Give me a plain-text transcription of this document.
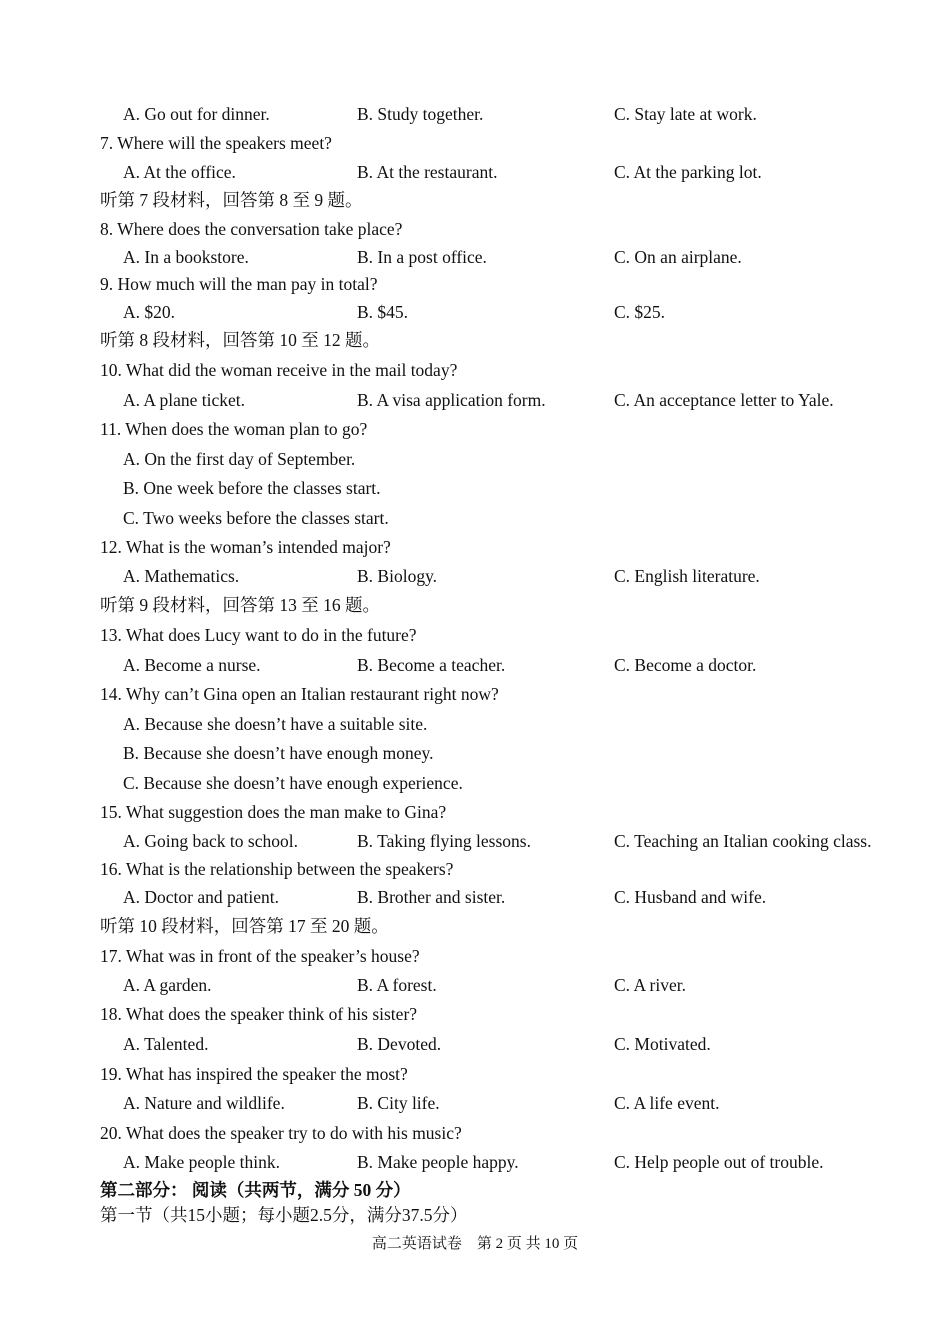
A. Go out for dinner.	B. Study together.	C. Stay late at work.
7. Where will the speakers meet?
A. At the office.	B. At the restaurant.	C. At the parking lot.
听第 7 段材料，回答第 8 至 9 题。
8. Where does the conversation take place?
A. In a bookstore.	B. In a post office.	C. On an airplane.
9. How much will the man pay in total?
A. $20.	B. $45.	C. $25.
听第 8 段材料，回答第 10 至 12 题。
10. What did the woman receive in the mail today?
A. A plane ticket.	B. A visa application form.	C. An acceptance letter to Yale.
11. When does the woman plan to go?
A. On the first day of September.
B. One week before the classes start.
C. Two weeks before the classes start.
12. What is the woman’s intended major?
A. Mathematics.	B. Biology.	C. English literature.
听第 9 段材料，回答第 13 至 16 题。
13. What does Lucy want to do in the future?
A. Become a nurse.	B. Become a teacher.	C. Become a doctor.
14. Why can’t Gina open an Italian restaurant right now?
A. Because she doesn’t have a suitable site.
B. Because she doesn’t have enough money.
C. Because she doesn’t have enough experience.
15. What suggestion does the man make to Gina?
A. Going back to school.	B. Taking flying lessons.	C. Teaching an Italian cooking class.
16. What is the relationship between the speakers?
A. Doctor and patient.	B. Brother and sister.	C. Husband and wife.
听第 10 段材料，回答第 17 至 20 题。
17. What was in front of the speaker’s house?
A. A garden.	B. A forest.	C. A river.
18. What does the speaker think of his sister?
A. Talented.	B. Devoted.	C. Motivated.
19. What has inspired the speaker the most?
A. Nature and wildlife.	B. City life.	C. A life event.
20. What does the speaker try to do with his music?
A. Make people think.	B. Make people happy.	C. Help people out of trouble.
第二部分： 阅读（共两节，满分 50 分）
第一节（共15小题；每小题2.5分，满分37.5分）
高二英语试卷　第 2 页 共 10 页
